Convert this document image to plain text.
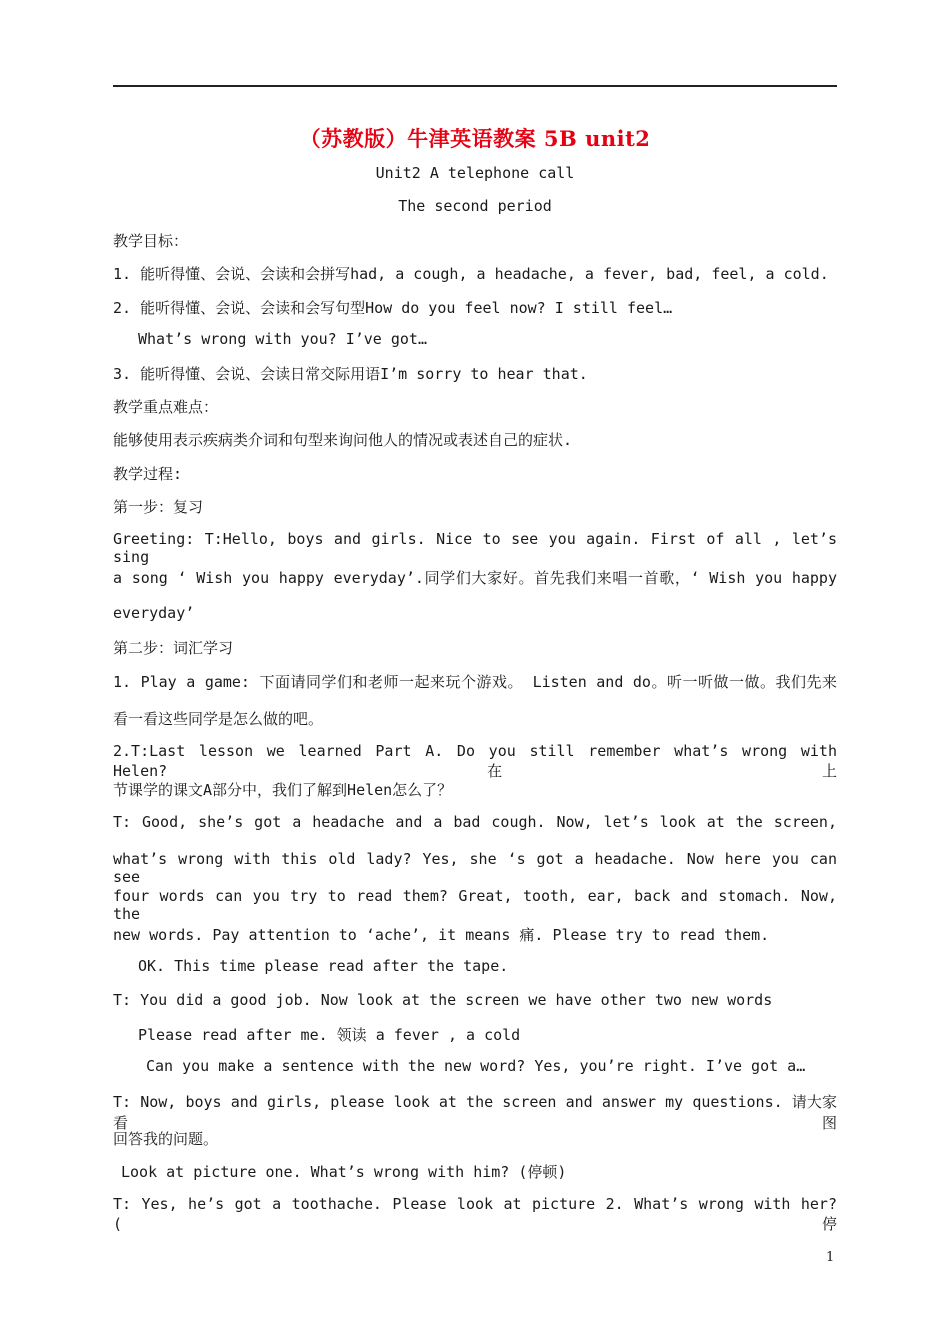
（苏教版）牛津英语教案 5B unit2
Unit2 A telephone call
The second period
教学目标：
1. 能听得懂、会说、会读和会拼写had, a cough, a headache, a fever, bad, feel, a cold.
2. 能听得懂、会说、会读和会写句型How do you feel now? I still feel…
What’s wrong with you? I’ve got…
3. 能听得懂、会说、会读日常交际用语I’m sorry to hear that.
教学重点难点：
能够使用表示疾病类介词和句型来询问他人的情况或表述自己的症状.
教学过程:
第一步：复习
Greeting: T:Hello, boys and girls. Nice to see you again. First of all , let’s sing
a song ‘ Wish you happy everyday’.同学们大家好。首先我们来唱一首歌，‘ Wish you happy
everyday’
第二步：词汇学习
1. Play a game: 下面请同学们和老师一起来玩个游戏。 Listen and do。听一听做一做。我们先来
看一看这些同学是怎么做的吧。
2.T:Last lesson we learned Part A. Do you still remember what’s wrong with Helen?在上
节课学的课文A部分中，我们了解到Helen怎么了？
T: Good, she’s got a headache and a bad cough. Now, let’s look at the screen,
what’s wrong with this old lady? Yes, she ‘s got a headache. Now here you can see
four words can you try to read them? Great, tooth, ear, back and stomach. Now, the
new words. Pay attention to ‘ache’, it means 痛. Please try to read them.
OK. This time please read after the tape.
T: You did a good job. Now look at the screen we have other two new words
Please read after me. 领读 a fever , a cold
Can you make a sentence with the new word? Yes, you’re right. I’ve got a…
T: Now, boys and girls, please look at the screen and answer my questions. 请大家看图
回答我的问题。
Look at picture one. What’s wrong with him? (停顿)
T: Yes, he’s got a toothache. Please look at picture 2. What’s wrong with her? (停
1
